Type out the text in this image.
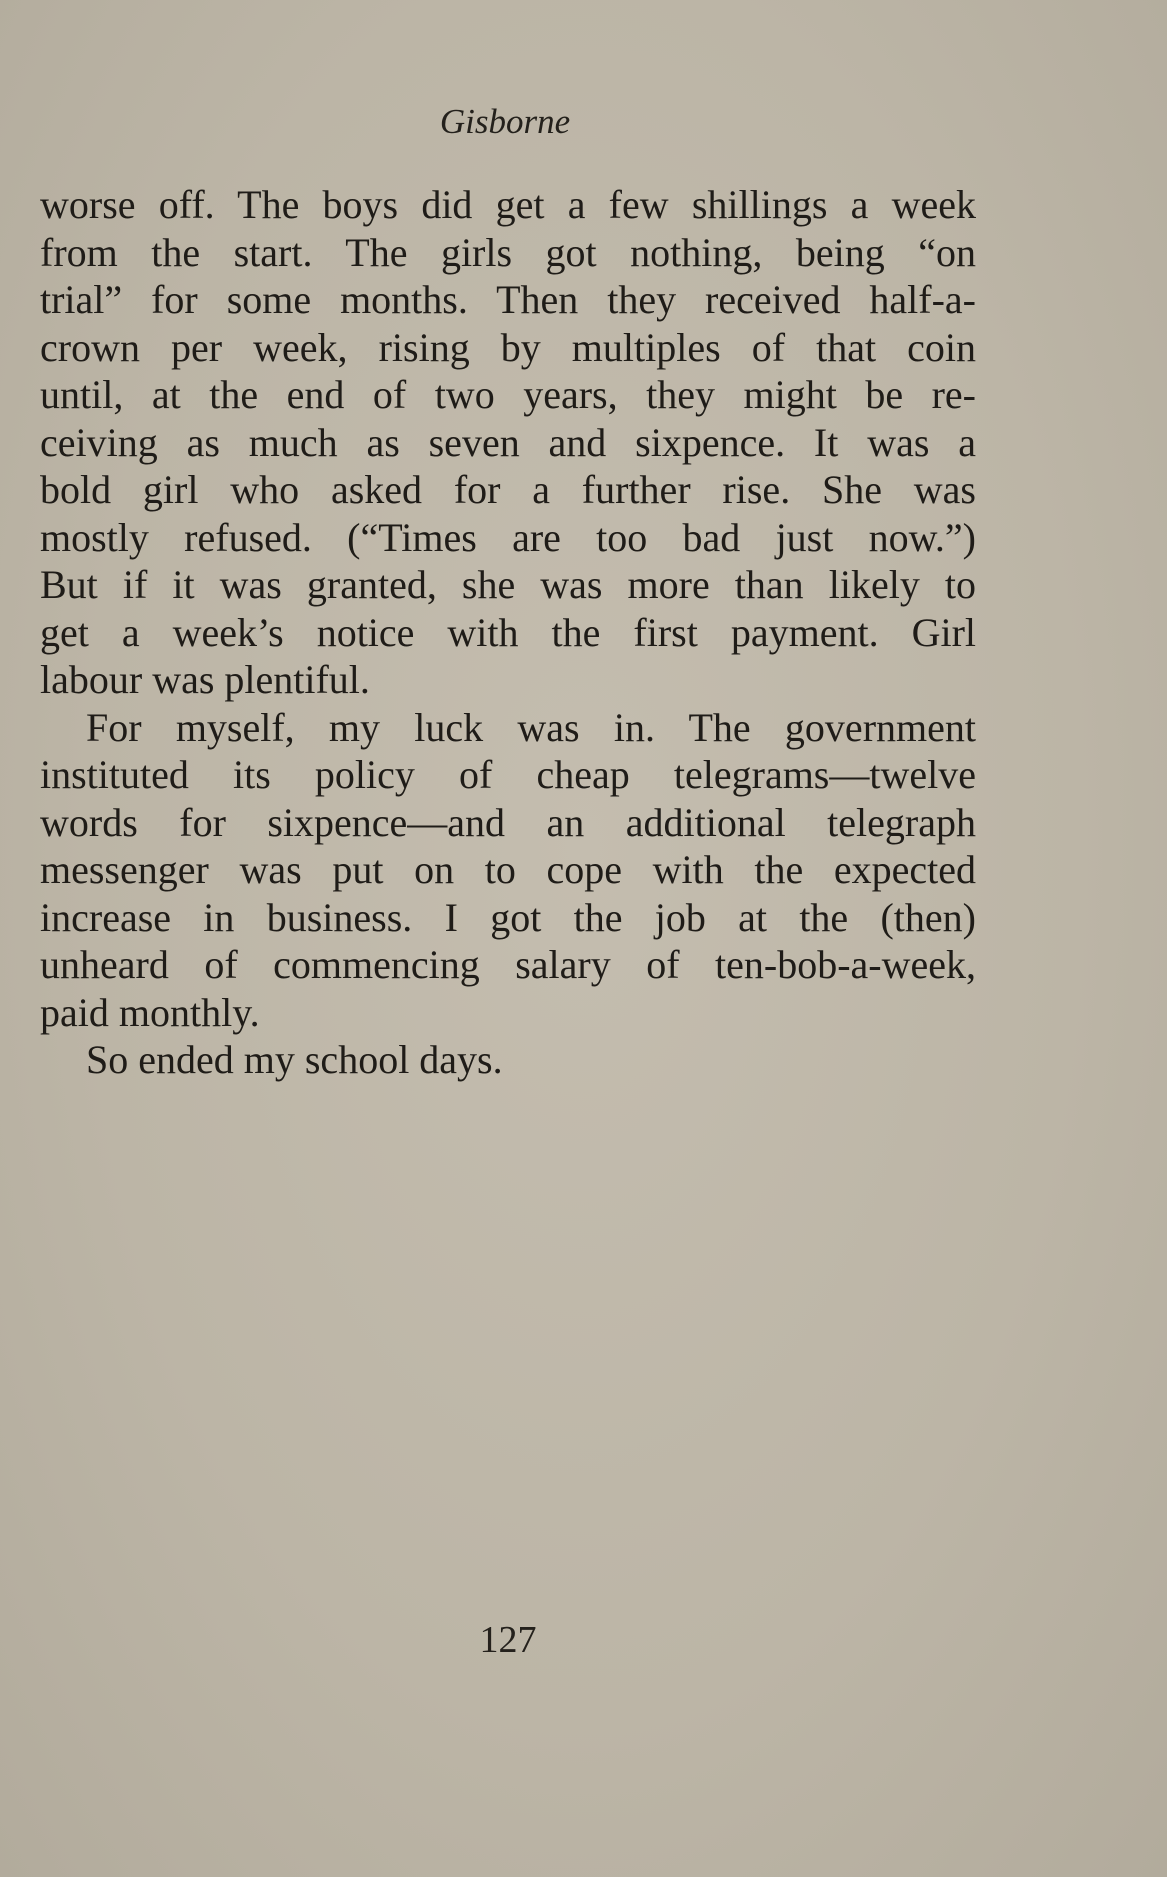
Gisborne
worse off. The boys did get a few shillings a week
from the start. The girls got nothing, being “on
trial” for some months. Then they received half-a-
crown per week, rising by multiples of that coin
until, at the end of two years, they might be re-
ceiving as much as seven and sixpence. It was a
bold girl who asked for a further rise. She was
mostly refused. (“Times are too bad just now.”)
But if it was granted, she was more than likely to
get a week’s notice with the first payment. Girl
labour was plentiful.
For myself, my luck was in. The government
instituted its policy of cheap telegrams—twelve
words for sixpence—and an additional telegraph
messenger was put on to cope with the expected
increase in business. I got the job at the (then)
unheard of commencing salary of ten-bob-a-week,
paid monthly.
So ended my school days.
127
